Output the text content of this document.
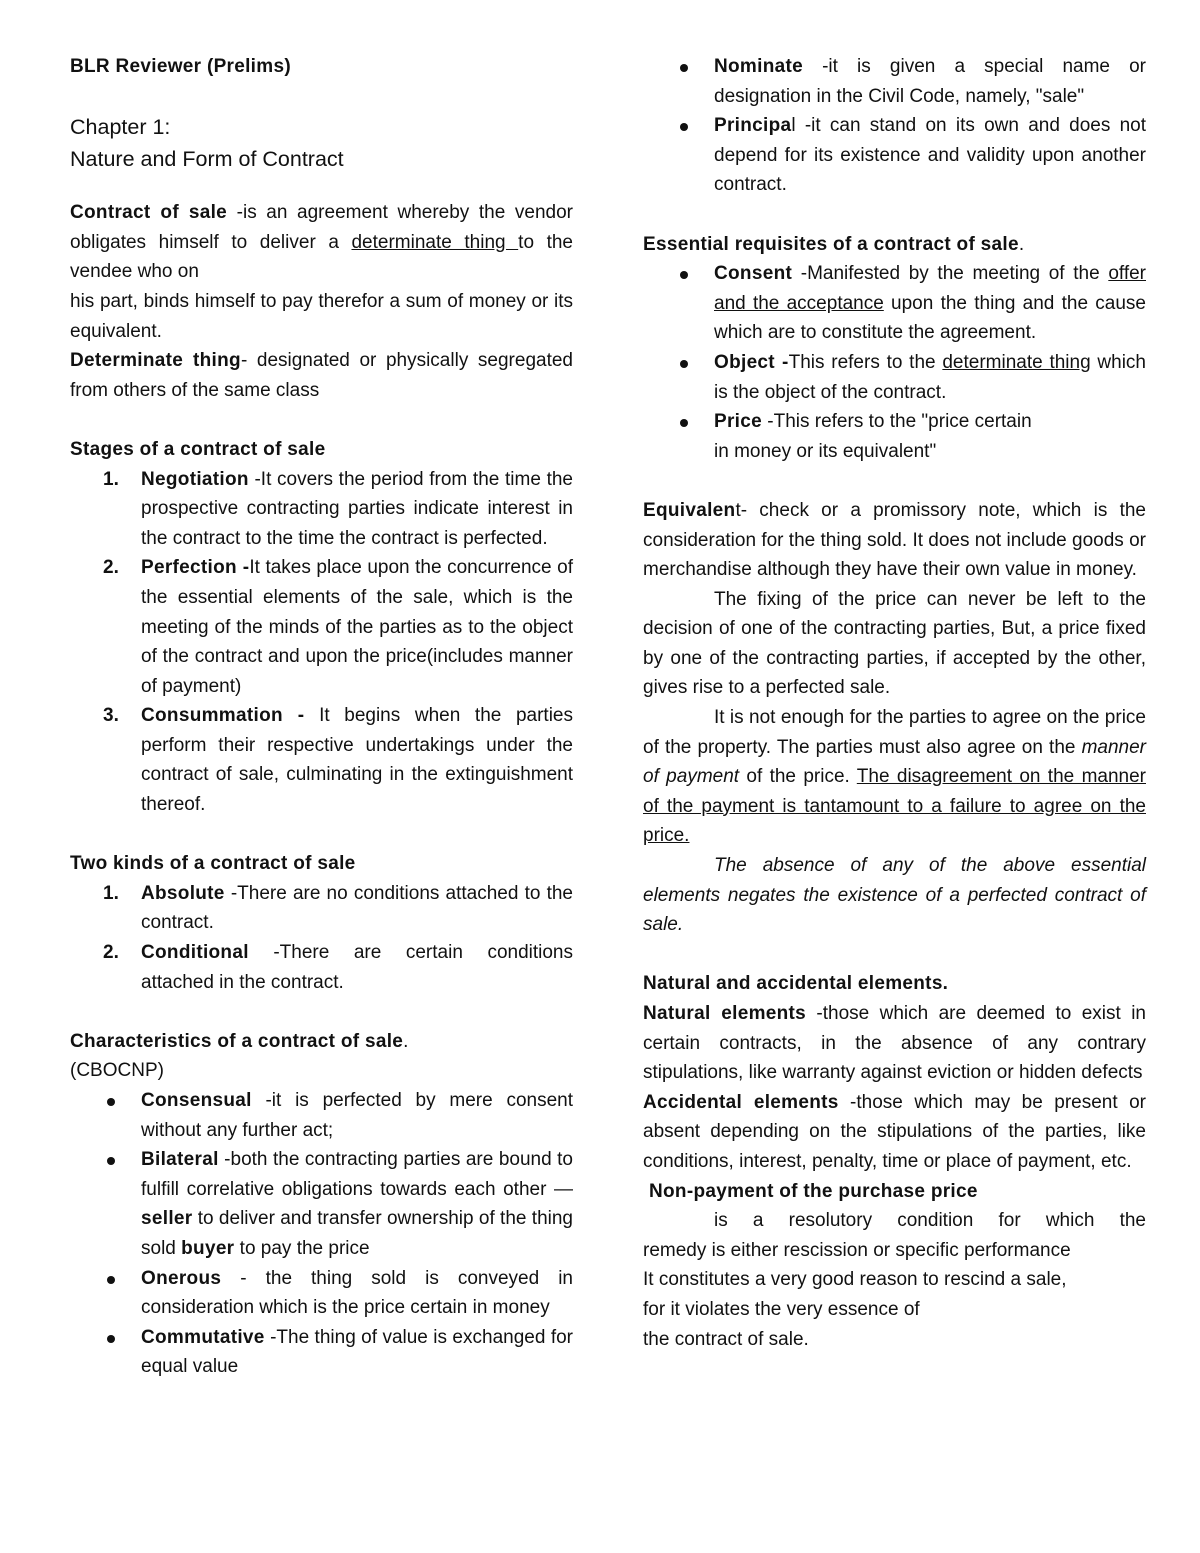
BLR Reviewer (Prelims)

Chapter 1:

Nature and Form of Contract

Contract of sale -is an agreement whereby the vendor obligates himself to deliver a determinate thing to the vendee who on

his part, binds himself to pay therefor a sum of money or its equivalent.

Determinate thing- designated or physically segregated from others of the same class

Stages of a contract of sale

1. Negotiation -It covers the period from the time the prospective contracting parties indicate interest in the contract to the time the contract is perfected.
2. Perfection -It takes place upon the concurrence of the essential elements of the sale, which is the meeting of the minds of the parties as to the object of the contract and upon the price(includes manner of payment)
3. Consummation - It begins when the parties perform their respective undertakings under the contract of sale, culminating in the extinguishment thereof.

Two kinds of a contract of sale

1. Absolute -There are no conditions attached to the contract.
2. Conditional -There are certain conditions attached in the contract.

Characteristics of a contract of sale.

(CBOCNP)

Consensual -it is perfected by mere consent without any further act;
Bilateral -both the contracting parties are bound to fulfill correlative obligations towards each other — seller to deliver and transfer ownership of the thing sold buyer to pay the price
Onerous - the thing sold is conveyed in consideration which is the price certain in money
Commutative -The thing of value is exchanged for equal value
Nominate -it is given a special name or designation in the Civil Code, namely, "sale"
Principal -it can stand on its own and does not depend for its existence and validity upon another contract.

Essential requisites of a contract of sale.

Consent -Manifested by the meeting of the offer and the acceptance upon the thing and the cause which are to constitute the agreement.
Object -This refers to the determinate thing which is the object of the contract.
Price -This refers to the "price certain
in money or its equivalent"

Equivalent- check or a promissory note, which is the consideration for the thing sold. It does not include goods or merchandise although they have their own value in money.

The fixing of the price can never be left to the decision of one of the contracting parties, But, a price fixed by one of the contracting parties, if accepted by the other, gives rise to a perfected sale.

It is not enough for the parties to agree on the price of the property. The parties must also agree on the manner of payment of the price. The disagreement on the manner of the payment is tantamount to a failure to agree on the price.

The absence of any of the above essential elements negates the existence of a perfected contract of sale.

Natural and accidental elements.

Natural elements -those which are deemed to exist in certain contracts, in the absence of any contrary stipulations, like warranty against eviction or hidden defects

Accidental elements -those which may be present or absent depending on the stipulations of the parties, like conditions, interest, penalty, time or place of payment, etc.

Non-payment of the purchase price

is a resolutory condition for which the

remedy is either rescission or specific performance

It constitutes a very good reason to rescind a sale,

for it violates the very essence of

the contract of sale.
